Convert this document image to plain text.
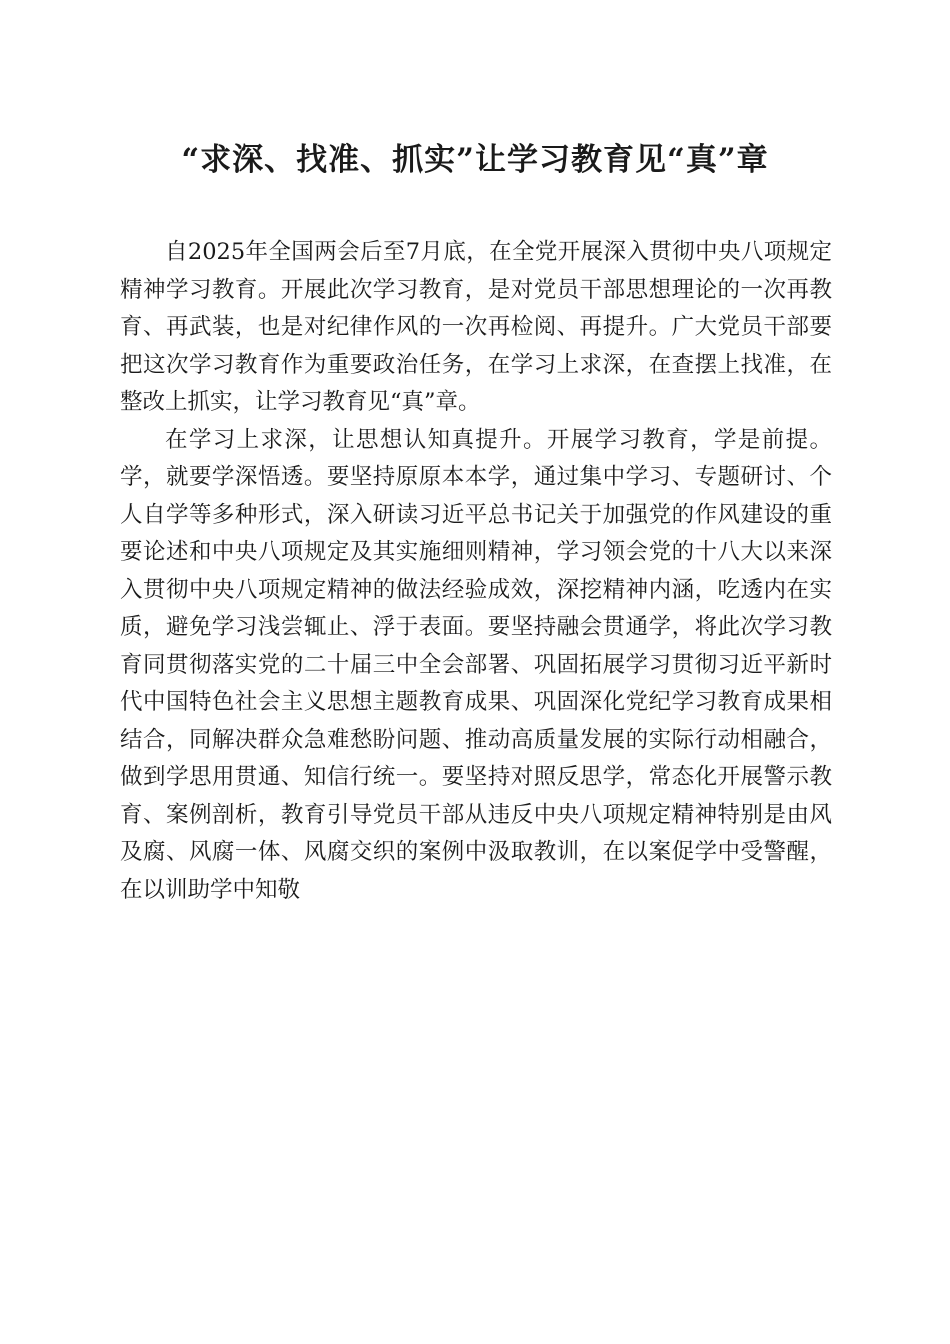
“求深、找准、抓实”让学习教育见“真”章

自2025年全国两会后至7月底，在全党开展深入贯彻中央八项规定精神学习教育。开展此次学习教育，是对党员干部思想理论的一次再教育、再武装，也是对纪律作风的一次再检阅、再提升。广大党员干部要把这次学习教育作为重要政治任务，在学习上求深，在查摆上找准，在整改上抓实，让学习教育见“真”章。

在学习上求深，让思想认知真提升。开展学习教育，学是前提。学，就要学深悟透。要坚持原原本本学，通过集中学习、专题研讨、个人自学等多种形式，深入研读习近平总书记关于加强党的作风建设的重要论述和中央八项规定及其实施细则精神，学习领会党的十八大以来深入贯彻中央八项规定精神的做法经验成效，深挖精神内涵，吃透内在实质，避免学习浅尝辄止、浮于表面。要坚持融会贯通学，将此次学习教育同贯彻落实党的二十届三中全会部署、巩固拓展学习贯彻习近平新时代中国特色社会主义思想主题教育成果、巩固深化党纪学习教育成果相结合，同解决群众急难愁盼问题、推动高质量发展的实际行动相融合，做到学思用贯通、知信行统一。要坚持对照反思学，常态化开展警示教育、案例剖析，教育引导党员干部从违反中央八项规定精神特别是由风及腐、风腐一体、风腐交织的案例中汲取教训，在以案促学中受警醒，在以训助学中知敬
